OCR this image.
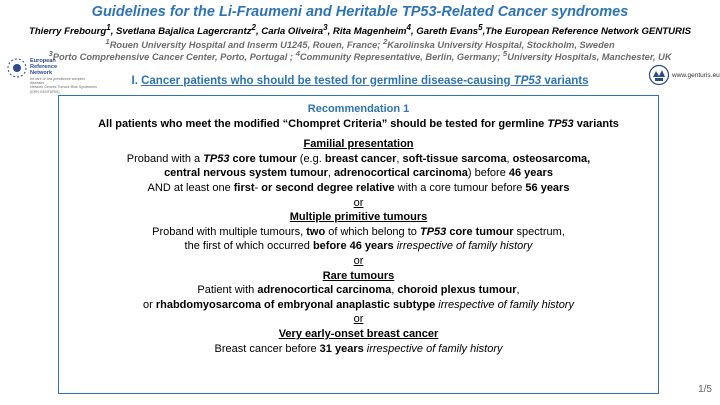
Guidelines for the Li-Fraumeni and Heritable TP53-Related Cancer syndromes
Thierry Frebourg$^1$, Svetlana Bajalica Lagercrantz$^2$, Carla Oliveira$^3$, Rita Magenheim$^4$, Gareth Evans$^5$,The European Reference Network GENTURIS
$^1$Rouen University Hospital and Inserm U1245, Rouen, France; $^2$Karolinska University Hospital, Stockholm, Sweden
$^3$Porto Comprehensive Cancer Center, Porto, Portugal ; $^4$Community Representative, Berlin, Germany; $^5$University Hospitals, Manchester, UK
European
Reference
Network
for rare or low prevalence complex diseases
Network Genetic Tumour Risk Syndromes (ERN GENTURIS)
www.genturis.eu
I. Cancer patients who should be tested for germline disease-causing TP53 variants
Recommendation 1
All patients who meet the modified “Chompret Criteria” should be tested for germline TP53 variants
Familial presentation
Proband with a TP53 core tumour (e.g. breast cancer, soft-tissue sarcoma, osteosarcoma,
central nervous system tumour, adrenocortical carcinoma) before 46 years
AND at least one first- or second degree relative with a core tumour before 56 years
or
Multiple primitive tumours
Proband with multiple tumours, two of which belong to TP53 core tumour spectrum,
the first of which occurred before 46 years irrespective of family history
or
Rare tumours
Patient with adrenocortical carcinoma, choroid plexus tumour,
or rhabdomyosarcoma of embryonal anaplastic subtype irrespective of family history
or
Very early-onset breast cancer
Breast cancer before 31 years irrespective of family history
1/5
